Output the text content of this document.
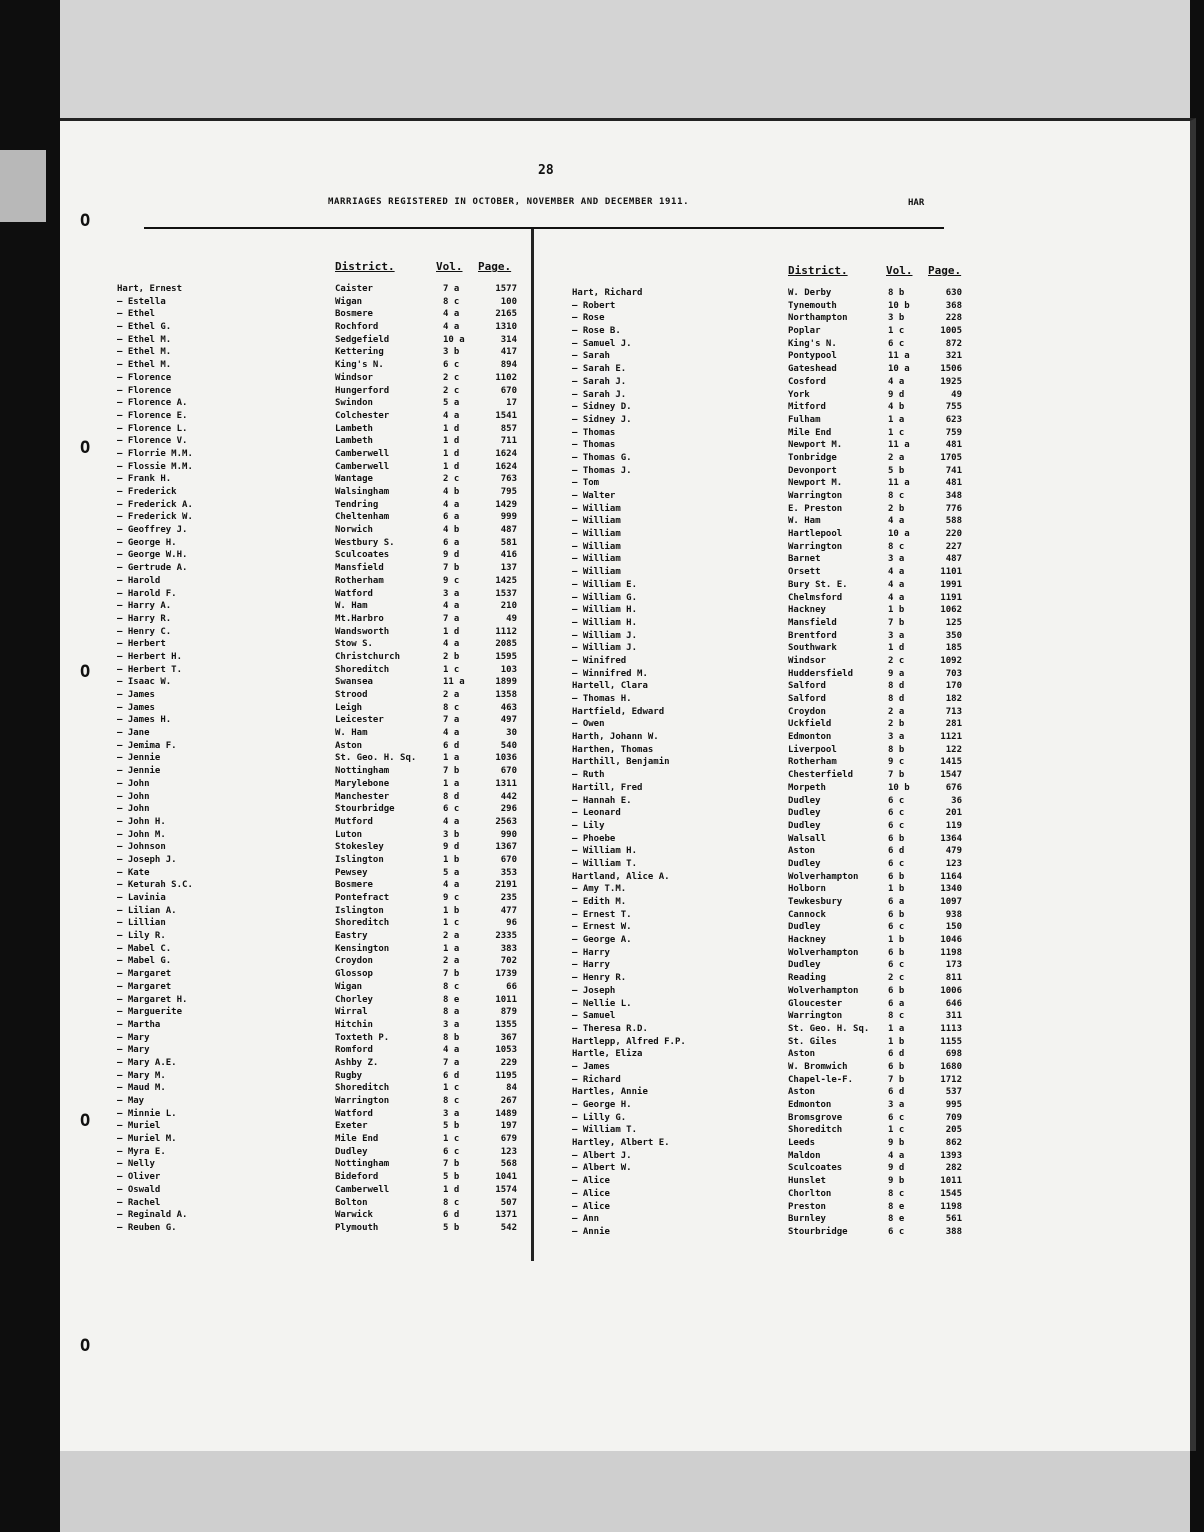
28
MARRIAGES REGISTERED IN OCTOBER, NOVEMBER AND DECEMBER 1911.	HAR
O
O
O
O
O
District.	Vol. Page.	District.	Vol. Page.
Hart, Ernest	Caister	7 a	1577
— Estella	Wigan	8 c	100
— Ethel	Bosmere	4 a	2165
— Ethel G.	Rochford	4 a	1310
— Ethel M.	Sedgefield	10 a	314
— Ethel M.	Kettering	3 b	417
— Ethel M.	King's N.	6 c	894
— Florence	Windsor	2 c	1102
— Florence	Hungerford	2 c	670
— Florence A.	Swindon	5 a	17
— Florence E.	Colchester	4 a	1541
— Florence L.	Lambeth	1 d	857
— Florence V.	Lambeth	1 d	711
— Florrie M.M.	Camberwell	1 d	1624
— Flossie M.M.	Camberwell	1 d	1624
— Frank H.	Wantage	2 c	763
— Frederick	Walsingham	4 b	795
— Frederick A.	Tendring	4 a	1429
— Frederick W.	Cheltenham	6 a	999
— Geoffrey J.	Norwich	4 b	487
— George H.	Westbury S.	6 a	581
— George W.H.	Sculcoates	9 d	416
— Gertrude A.	Mansfield	7 b	137
— Harold	Rotherham	9 c	1425
— Harold F.	Watford	3 a	1537
— Harry A.	W. Ham	4 a	210
— Harry R.	Mt.Harbro	7 a	49
— Henry C.	Wandsworth	1 d	1112
— Herbert	Stow S.	4 a	2085
— Herbert H.	Christchurch	2 b	1595
— Herbert T.	Shoreditch	1 c	103
— Isaac W.	Swansea	11 a	1899
— James	Strood	2 a	1358
— James	Leigh	8 c	463
— James H.	Leicester	7 a	497
— Jane	W. Ham	4 a	30
— Jemima F.	Aston	6 d	540
— Jennie	St. Geo. H. Sq.	1 a	1036
— Jennie	Nottingham	7 b	670
— John	Marylebone	1 a	1311
— John	Manchester	8 d	442
— John	Stourbridge	6 c	296
— John H.	Mutford	4 a	2563
— John M.	Luton	3 b	990
— Johnson	Stokesley	9 d	1367
— Joseph J.	Islington	1 b	670
— Kate	Pewsey	5 a	353
— Keturah S.C.	Bosmere	4 a	2191
— Lavinia	Pontefract	9 c	235
— Lilian A.	Islington	1 b	477
— Lillian	Shoreditch	1 c	96
— Lily R.	Eastry	2 a	2335
— Mabel C.	Kensington	1 a	383
— Mabel G.	Croydon	2 a	702
— Margaret	Glossop	7 b	1739
— Margaret	Wigan	8 c	66
— Margaret H.	Chorley	8 e	1011
— Marguerite	Wirral	8 a	879
— Martha	Hitchin	3 a	1355
— Mary	Toxteth P.	8 b	367
— Mary	Romford	4 a	1053
— Mary A.E.	Ashby Z.	7 a	229
— Mary M.	Rugby	6 d	1195
— Maud M.	Shoreditch	1 c	84
— May	Warrington	8 c	267
— Minnie L.	Watford	3 a	1489
— Muriel	Exeter	5 b	197
— Muriel M.	Mile End	1 c	679
— Myra E.	Dudley	6 c	123
— Nelly	Nottingham	7 b	568
— Oliver	Bideford	5 b	1041
— Oswald	Camberwell	1 d	1574
— Rachel	Bolton	8 c	507
— Reginald A.	Warwick	6 d	1371
— Reuben G.	Plymouth	5 b	542
Hart, Richard	W. Derby	8 b	630
— Robert	Tynemouth	10 b	368
— Rose	Northampton	3 b	228
— Rose B.	Poplar	1 c	1005
— Samuel J.	King's N.	6 c	872
— Sarah	Pontypool	11 a	321
— Sarah E.	Gateshead	10 a	1506
— Sarah J.	Cosford	4 a	1925
— Sarah J.	York	9 d	49
— Sidney D.	Mitford	4 b	755
— Sidney J.	Fulham	1 a	623
— Thomas	Mile End	1 c	759
— Thomas	Newport M.	11 a	481
— Thomas G.	Tonbridge	2 a	1705
— Thomas J.	Devonport	5 b	741
— Tom	Newport M.	11 a	481
— Walter	Warrington	8 c	348
— William	E. Preston	2 b	776
— William	W. Ham	4 a	588
— William	Hartlepool	10 a	220
— William	Warrington	8 c	227
— William	Barnet	3 a	487
— William	Orsett	4 a	1101
— William E.	Bury St. E.	4 a	1991
— William G.	Chelmsford	4 a	1191
— William H.	Hackney	1 b	1062
— William H.	Mansfield	7 b	125
— William J.	Brentford	3 a	350
— William J.	Southwark	1 d	185
— Winifred	Windsor	2 c	1092
— Winnifred M.	Huddersfield	9 a	703
Hartell, Clara	Salford	8 d	170
— Thomas H.	Salford	8 d	182
Hartfield, Edward	Croydon	2 a	713
— Owen	Uckfield	2 b	281
Harth, Johann W.	Edmonton	3 a	1121
Harthen, Thomas	Liverpool	8 b	122
Harthill, Benjamin	Rotherham	9 c	1415
— Ruth	Chesterfield	7 b	1547
Hartill, Fred	Morpeth	10 b	676
— Hannah E.	Dudley	6 c	36
— Leonard	Dudley	6 c	201
— Lily	Dudley	6 c	119
— Phoebe	Walsall	6 b	1364
— William H.	Aston	6 d	479
— William T.	Dudley	6 c	123
Hartland, Alice A.	Wolverhampton	6 b	1164
— Amy T.M.	Holborn	1 b	1340
— Edith M.	Tewkesbury	6 a	1097
— Ernest T.	Cannock	6 b	938
— Ernest W.	Dudley	6 c	150
— George A.	Hackney	1 b	1046
— Harry	Wolverhampton	6 b	1198
— Harry	Dudley	6 c	173
— Henry R.	Reading	2 c	811
— Joseph	Wolverhampton	6 b	1006
— Nellie L.	Gloucester	6 a	646
— Samuel	Warrington	8 c	311
— Theresa R.D.	St. Geo. H. Sq. 1 a	1113
Hartlepp, Alfred F.P.	St. Giles	1 b	1155
Hartle, Eliza	Aston	6 d	698
— James	W. Bromwich	6 b	1680
— Richard	Chapel-le-F.	7 b	1712
Hartles, Annie	Aston	6 d	537
— George H.	Edmonton	3 a	995
— Lilly G.	Bromsgrove	6 c	709
— William T.	Shoreditch	1 c	205
Hartley, Albert E.	Leeds	9 b	862
— Albert J.	Maldon	4 a	1393
— Albert W.	Sculcoates	9 d	282
— Alice	Hunslet	9 b	1011
— Alice	Chorlton	8 c	1545
— Alice	Preston	8 e	1198
— Ann	Burnley	8 e	561
— Annie	Stourbridge	6 c	388
